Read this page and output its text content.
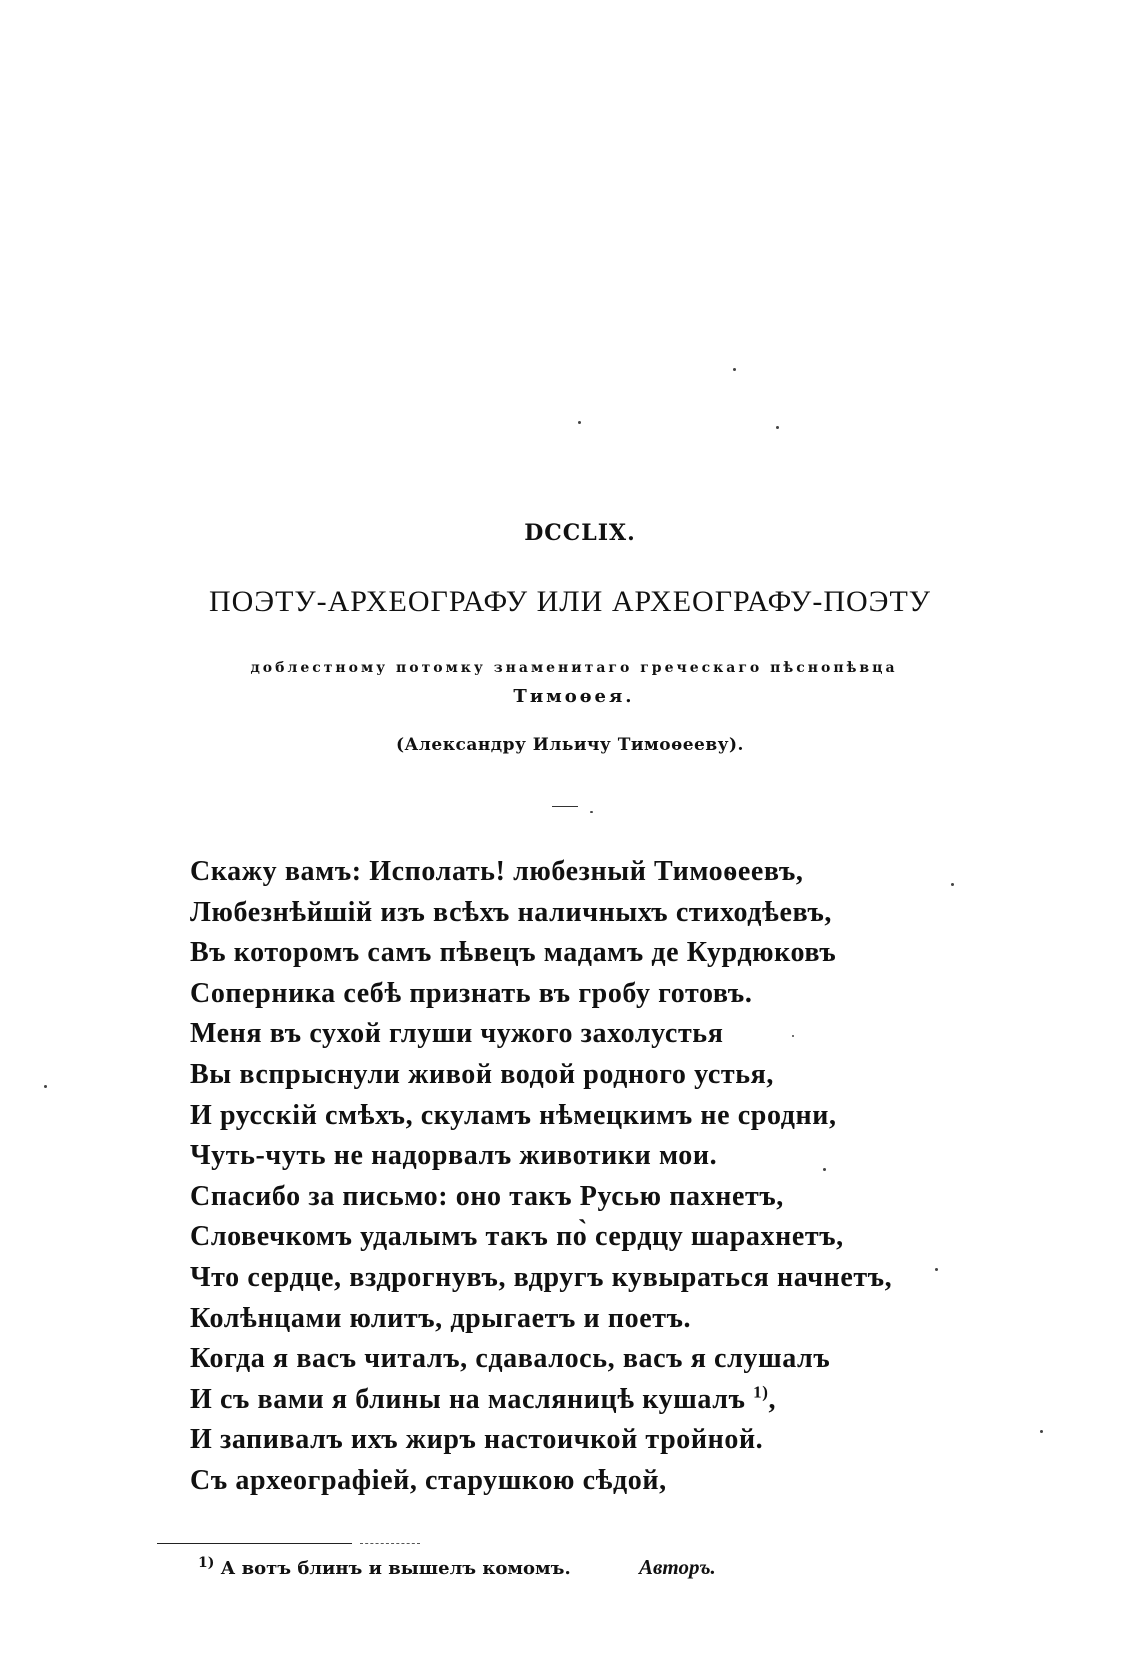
DCCLIX.
ПОЭТУ-АРХЕОГРАФУ ИЛИ АРХЕОГРАФУ-ПОЭТУ
доблестному потомку знаменитаго греческаго пѣснопѣвца
Тимоѳея.
(Александру Ильичу Тимоѳееву).
Скажу вамъ: Исполать! любезный Тимоѳеевъ,
Любезнѣйшiй изъ всѣхъ наличныхъ стиходѣевъ,
Въ которомъ самъ пѣвецъ мадамъ де Курдюковъ
Соперника себѣ признать въ гробу готовъ.
Меня въ сухой глуши чужого захолустья
Вы вспрыснули живой водой родного устья,
И русскiй смѣхъ, скуламъ нѣмецкимъ не сродни,
Чуть-чуть не надорвалъ животики мои.
Спасибо за письмо: оно такъ Русью пахнетъ,
Словечкомъ удалымъ такъ по̀ сердцу шарахнетъ,
Что сердце, вздрогнувъ, вдругъ кувыраться начнетъ,
Колѣнцами юлитъ, дрыгаетъ и поетъ.
Когда я васъ читалъ, сдавалось, васъ я слушалъ
И съ вами я блины на масляницѣ кушалъ $^{1)}$,
И запивалъ ихъ жиръ настоичкой тройной.
Съ археографiей, старушкою сѣдой,
$^{1)}$ А вотъ блинъ и вышелъ комомъ.	Авторъ.
